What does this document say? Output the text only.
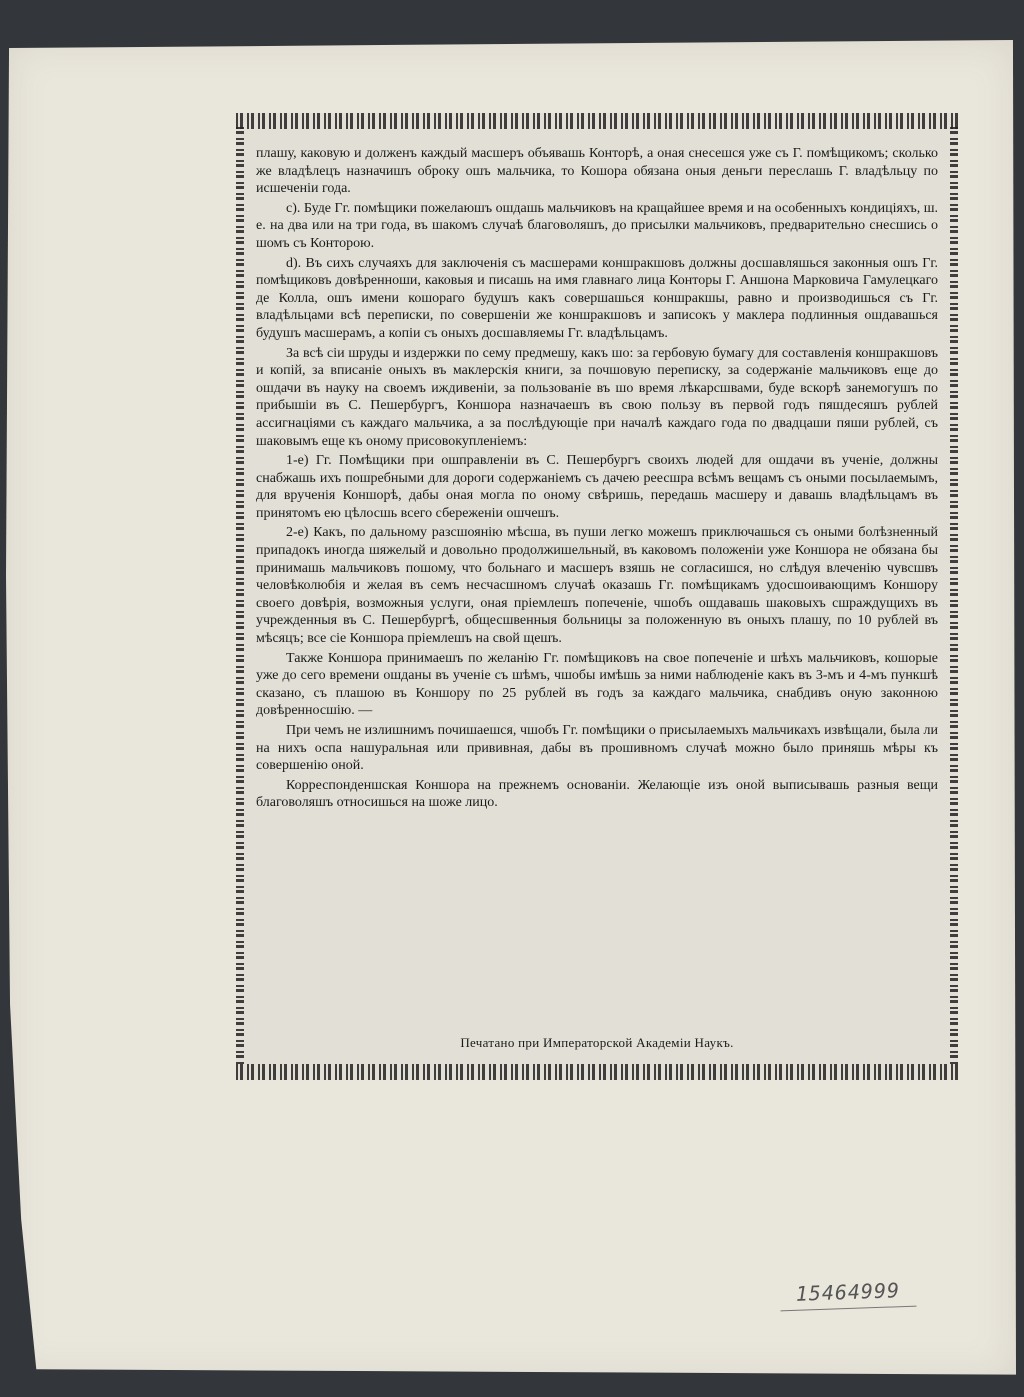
плашу, каковую и долженъ каждый масшеръ объявашь Конторѣ, а оная снесешся уже съ Г. помѣщикомъ; сколько же владѣлецъ назначишъ оброку ошъ мальчика, то Кошора обязана оныя деньги переслашь Г. владѣльцу по исшеченіи года.

c). Буде Гг. помѣщики пожелаюшъ ошдашь мальчиковъ на кращайшее время и на особенныхъ кондиціяхъ, ш. е. на два или на три года, въ шакомъ случаѣ благоволяшъ, до присылки мальчиковъ, предварительно снесшись о шомъ съ Конторою.

d). Въ сихъ случаяхъ для заключенія съ масшерами коншракшовъ должны досшавляшься законныя ошъ Гг. помѣщиковъ довѣренноши, каковыя и писашь на имя главнаго лица Конторы Г. Аншона Марковича Гамулецкаго де Колла, ошъ имени кошораго будушъ какъ совершашься коншракшы, равно и производишься съ Гг. владѣльцами всѣ переписки, по совершеніи же коншракшовъ и записокъ у маклера подлинныя ошдавашься будушъ масшерамъ, а копіи съ оныхъ досшавляемы Гг. владѣльцамъ.

За всѣ сіи шруды и издержки по сему предмешу, какъ шо: за гербовую бумагу для составленія коншракшовъ и копій, за вписаніе оныхъ въ маклерскія книги, за почшовую переписку, за содержаніе мальчиковъ еще до ошдачи въ науку на своемъ иждивеніи, за пользованіе въ шо время лѣкарсшвами, буде вскорѣ занемогушъ по прибышіи въ С. Пешербургъ, Коншора назначаешъ въ свою пользу въ первой годъ пяшдесяшъ рублей ассигнаціями съ каждаго мальчика, а за послѣдующіе при началѣ каждаго года по двадцаши пяши рублей, съ шаковымъ еще къ оному присовокупленіемъ:

1-е) Гг. Помѣщики при ошправленіи въ С. Пешербургъ своихъ людей для ошдачи въ ученіе, должны снабжашь ихъ пошребными для дороги содержаніемъ съ дачею реесшра всѣмъ вещамъ съ оными посылаемымъ, для врученія Коншорѣ, дабы оная могла по оному свѣришь, передашь масшеру и давашь владѣльцамъ въ принятомъ ею цѣлосшь всего сбереженіи ошчешъ.

2-е) Какъ, по дальному разсшоянію мѣсша, въ пуши легко можешъ приключашься съ оными болѣзненный припадокъ иногда шяжелый и довольно продолжишельный, въ каковомъ положеніи уже Коншора не обязана бы принимашь мальчиковъ пошому, что больнаго и масшеръ взяшь не согласишся, но слѣдуя влеченію чувсшвъ человѣколюбія и желая въ семъ несчасшномъ случаѣ оказашь Гг. помѣщикамъ удосшоивающимъ Коншору своего довѣрія, возможныя услуги, оная пріемлешъ попеченіе, чшобъ ошдавашь шаковыхъ сшраждущихъ въ учрежденныя въ С. Пешербургѣ, общесшвенныя больницы за положенную въ оныхъ плашу, по 10 рублей въ мѣсяцъ; все сіе Коншора пріемлешъ на свой щешъ.

Также Коншора принимаешъ по желанію Гг. помѣщиковъ на свое попеченіе и шѣхъ мальчиковъ, кошорые уже до сего времени ошданы въ ученіе съ шѣмъ, чшобы имѣшь за ними наблюденіе какъ въ 3-мъ и 4-мъ пункшѣ сказано, съ плашою въ Коншору по 25 рублей въ годъ за каждаго мальчика, снабдивъ оную законною довѣренносшію. —

При чемъ не излишнимъ почишаешся, чшобъ Гг. помѣщики о присылаемыхъ мальчикахъ извѣщали, была ли на нихъ оспа нашуральная или прививная, дабы въ прошивномъ случаѣ можно было приняшь мѣры къ совершенію оной.

Корреспонденшская Коншора на прежнемъ основаніи. Желающіе изъ оной выписывашь разныя вещи благоволяшъ относишься на шоже лицо.

Печатано при Императорской Академіи Наукъ.
15464999
